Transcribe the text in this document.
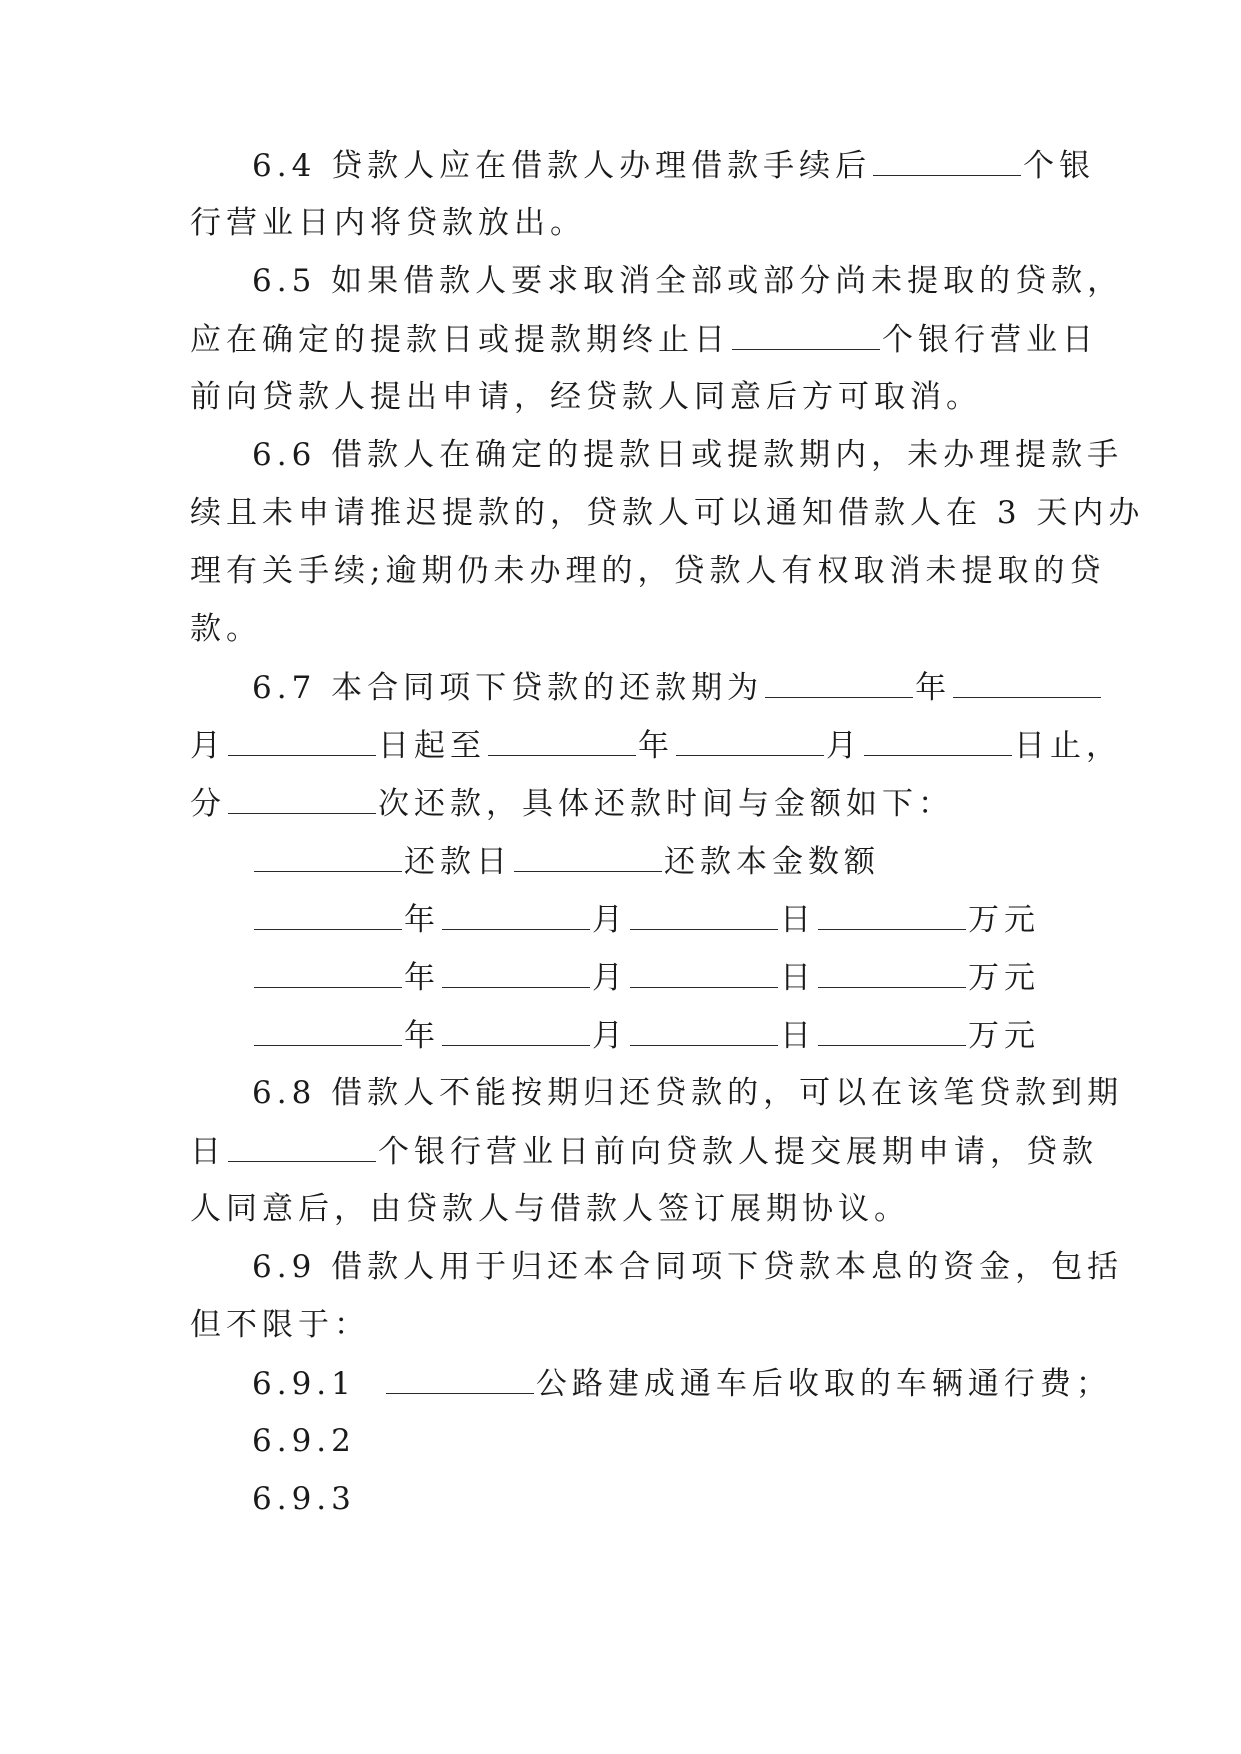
6.4 贷款人应在借款人办理借款手续后	个银
行营业日内将贷款放出。
6.5 如果借款人要求取消全部或部分尚未提取的贷款，
应在确定的提款日或提款期终止日	个银行营业日
前向贷款人提出申请，经贷款人同意后方可取消。
6.6 借款人在确定的提款日或提款期内，未办理提款手
续且未申请推迟提款的，贷款人可以通知借款人在 3 天内办
理有关手续;逾期仍未办理的，贷款人有权取消未提取的贷
款。
6.7 本合同项下贷款的还款期为	年
月	日起至	年	月	日止，
分	次还款，具体还款时间与金额如下：
还款日	还款本金数额
年	月	日	万元
年	月	日	万元
年	月	日	万元
6.8 借款人不能按期归还贷款的，可以在该笔贷款到期
日	个银行营业日前向贷款人提交展期申请，贷款
人同意后，由贷款人与借款人签订展期协议。
6.9 借款人用于归还本合同项下贷款本息的资金，包括
但不限于：
6.9.1	公路建成通车后收取的车辆通行费；
6.9.2
6.9.3
